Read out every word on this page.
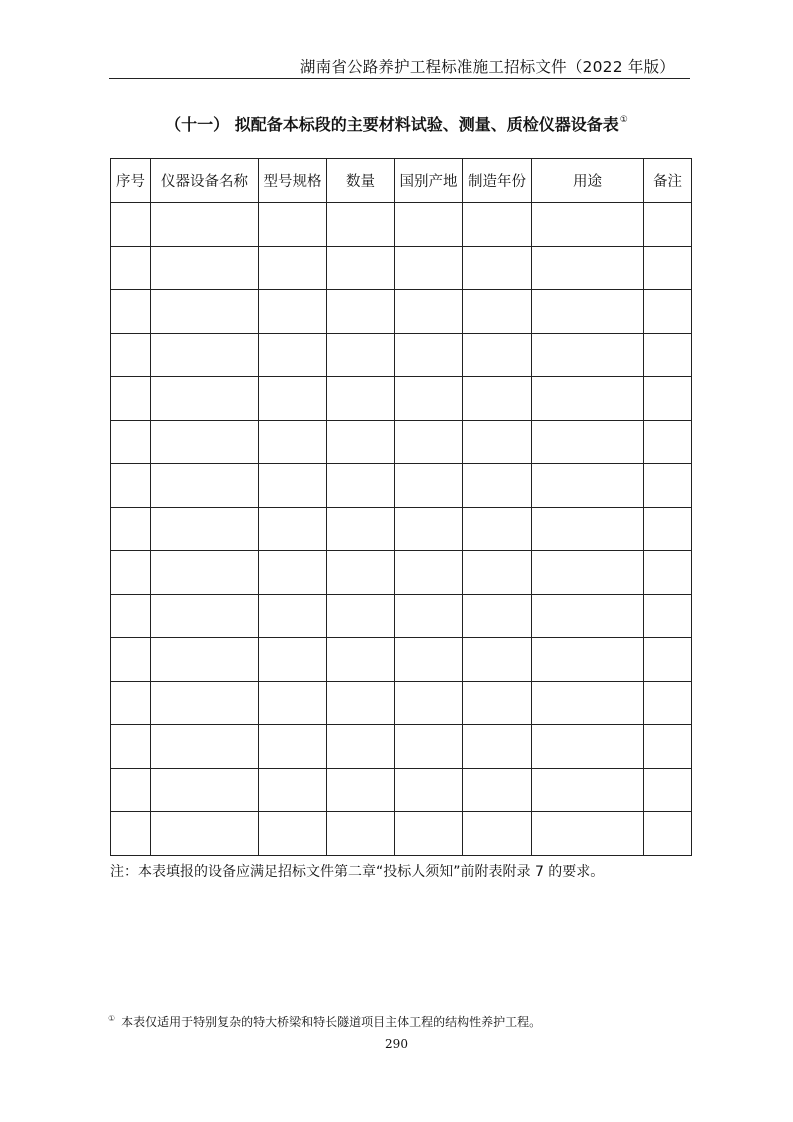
湖南省公路养护工程标准施工招标文件（2022 年版）
（十一） 拟配备本标段的主要材料试验、测量、质检仪器设备表①
序号	仪器设备名称	型号规格	数量	国别产地	制造年份	用途	备注

注：本表填报的设备应满足招标文件第二章“投标人须知”前附表附录 7 的要求。
① 本表仅适用于特别复杂的特大桥梁和特长隧道项目主体工程的结构性养护工程。
290
